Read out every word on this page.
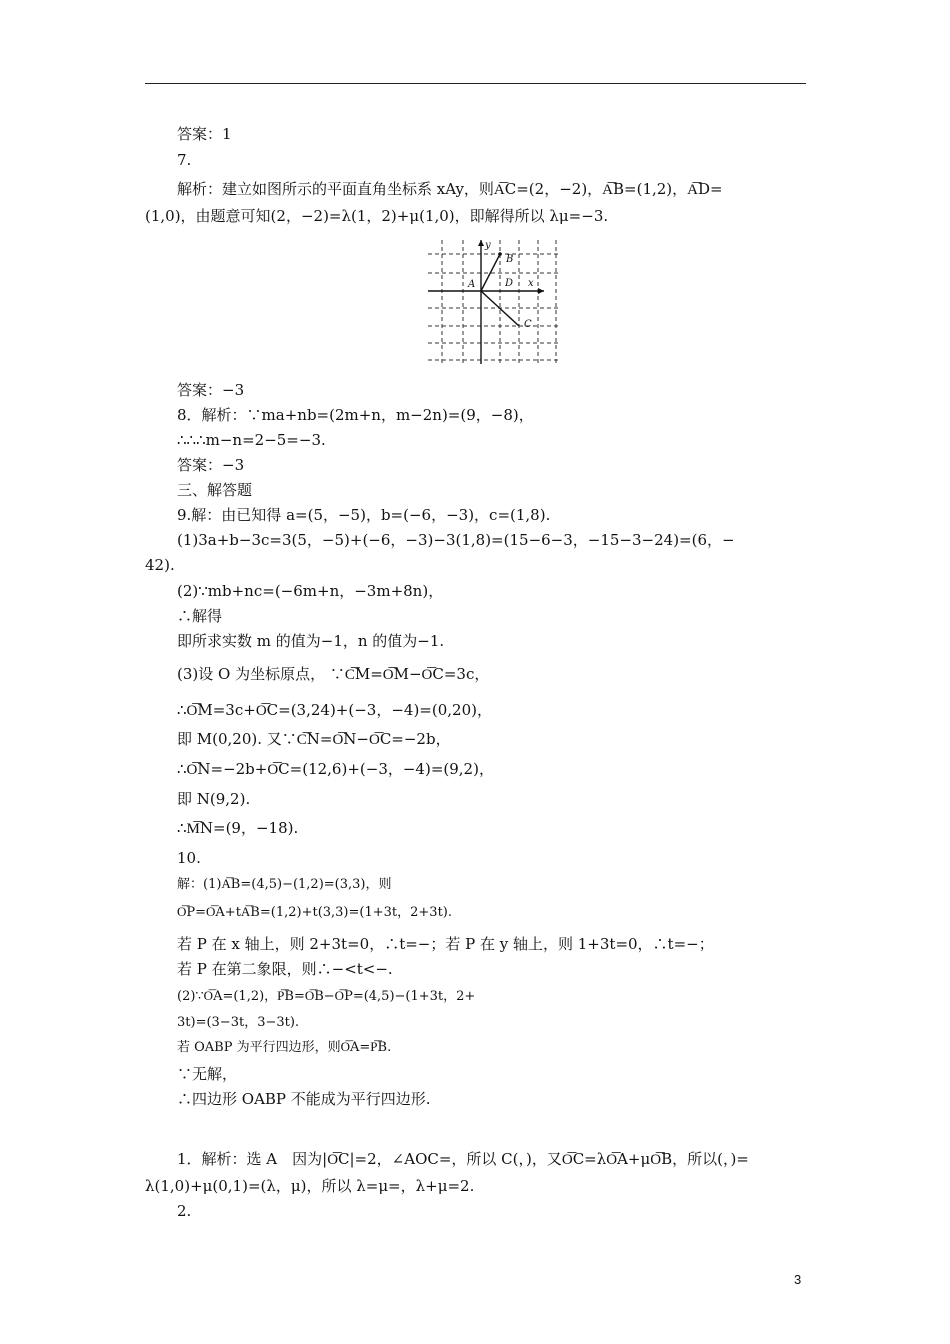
答案：1
7.
解析：建立如图所示的平面直角坐标系 xAy，则A͞C=(2，−2)，A͞B=(1,2)，A͞D=
(1,0)，由题意可知(2，−2)=λ(1，2)+μ(1,0)，即解得所以 λμ=−3.
答案：−3
8．解析：∵ma+nb=(2m+n，m−2n)=(9，−8)，
∴∴∴m−n=2−5=−3.
答案：−3
三、解答题
9.解：由已知得 a=(5，−5)，b=(−6，−3)，c=(1,8).
(1)3a+b−3c=3(5，−5)+(−6，−3)−3(1,8)=(15−6−3，−15−3−24)=(6，−
42).
(2)∵mb+nc=(−6m+n，−3m+8n)，
∴解得
即所求实数 m 的值为−1，n 的值为−1.
(3)设 O 为坐标原点， ∵C͞M=O͞M−O͞C=3c，
∴O͞M=3c+O͞C=(3,24)+(−3，−4)=(0,20)，
即 M(0,20). 又∵C͞N=O͞N−O͞C=−2b，
∴O͞N=−2b+O͞C=(12,6)+(−3，−4)=(9,2)，
即 N(9,2).
∴M͞N=(9，−18).
10.
解：(1)A͞B=(4,5)−(1,2)=(3,3)，则
O͞P=O͞A+tA͞B=(1,2)+t(3,3)=(1+3t，2+3t).
若 P 在 x 轴上，则 2+3t=0，∴t=−；若 P 在 y 轴上，则 1+3t=0，∴t=−；
若 P 在第二象限，则∴−<t<−.
(2)∵O͞A=(1,2)，P͞B=O͞B−O͞P=(4,5)−(1+3t，2+
3t)=(3−3t，3−3t).
若 OABP 为平行四边形，则O͞A=P͞B.
∵无解，
∴四边形 OABP 不能成为平行四边形.
1．解析：选 A　因为|O͞C|=2，∠AOC=，所以 C(，)，又O͞C=λO͞A+μO͞B，所以(，)=
λ(1,0)+μ(0,1)=(λ，μ)，所以 λ=μ=，λ+μ=2.
2.
y
x
A
B
C
D
3
